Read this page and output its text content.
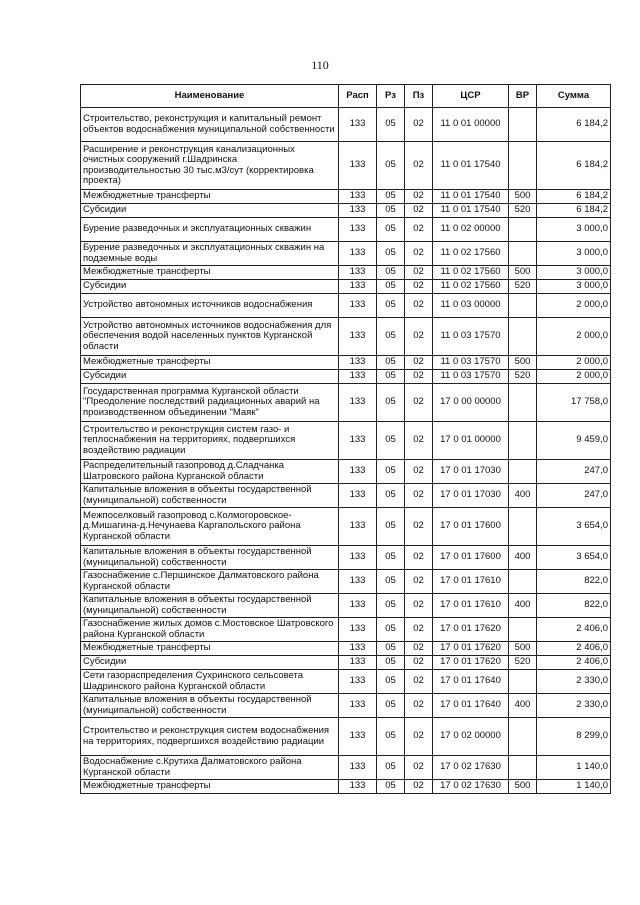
110
Наименование	Расп	Рз	Пз	ЦСР	ВР	Сумма
Строительство, реконструкция и капитальный ремонт объектов водоснабжения муниципальной собственности	133	05	02	11 0 01 00000		6 184,2
Расширение и реконструкция канализационных очистных сооружений г.Шадринска производительностью 30 тыс.м3/сут (корректировка проекта)	133	05	02	11 0 01 17540		6 184,2
Межбюджетные трансферты	133	05	02	11 0 01 17540	500	6 184,2
Субсидии	133	05	02	11 0 01 17540	520	6 184,2
Бурение разведочных и эксплуатационных скважин	133	05	02	11 0 02 00000		3 000,0
Бурение разведочных и эксплуатационных скважин на подземные воды	133	05	02	11 0 02 17560		3 000,0
Межбюджетные трансферты	133	05	02	11 0 02 17560	500	3 000,0
Субсидии	133	05	02	11 0 02 17560	520	3 000,0
Устройство автономных источников водоснабжения	133	05	02	11 0 03 00000		2 000,0
Устройство автономных источников водоснабжения для обеспечения водой населенных пунктов Курганской области	133	05	02	11 0 03 17570		2 000,0
Межбюджетные трансферты	133	05	02	11 0 03 17570	500	2 000,0
Субсидии	133	05	02	11 0 03 17570	520	2 000,0
Государственная программа Курганской области "Преодоление последствий радиационных аварий на производственном объединении "Маяк"	133	05	02	17 0 00 00000		17 758,0
Строительство и реконструкция систем газо- и теплоснабжения на территориях, подвергшихся воздействию радиации	133	05	02	17 0 01 00000		9 459,0
Распределительный газопровод д.Сладчанка Шатровского района Курганской области	133	05	02	17 0 01 17030		247,0
Капитальные вложения в объекты государственной (муниципальной) собственности	133	05	02	17 0 01 17030	400	247,0
Межпоселковый газопровод с.Колмогоровское-д.Мишагина-д.Нечунаева Каргапольского района Курганской области	133	05	02	17 0 01 17600		3 654,0
Капитальные вложения в объекты государственной (муниципальной) собственности	133	05	02	17 0 01 17600	400	3 654,0
Газоснабжение с.Першинское Далматовского района Курганской области	133	05	02	17 0 01 17610		822,0
Капитальные вложения в объекты государственной (муниципальной) собственности	133	05	02	17 0 01 17610	400	822,0
Газоснабжение жилых домов с.Мостовское Шатровского района Курганской области	133	05	02	17 0 01 17620		2 406,0
Межбюджетные трансферты	133	05	02	17 0 01 17620	500	2 406,0
Субсидии	133	05	02	17 0 01 17620	520	2 406,0
Сети газораспределения Сухринского сельсовета Шадринского района Курганской области	133	05	02	17 0 01 17640		2 330,0
Капитальные вложения в объекты государственной (муниципальной) собственности	133	05	02	17 0 01 17640	400	2 330,0
Строительство и реконструкция систем водоснабжения на территориях, подвергшихся воздействию радиации	133	05	02	17 0 02 00000		8 299,0
Водоснабжение с.Крутиха Далматовского района Курганской области	133	05	02	17 0 02 17630		1 140,0
Межбюджетные трансферты	133	05	02	17 0 02 17630	500	1 140,0
